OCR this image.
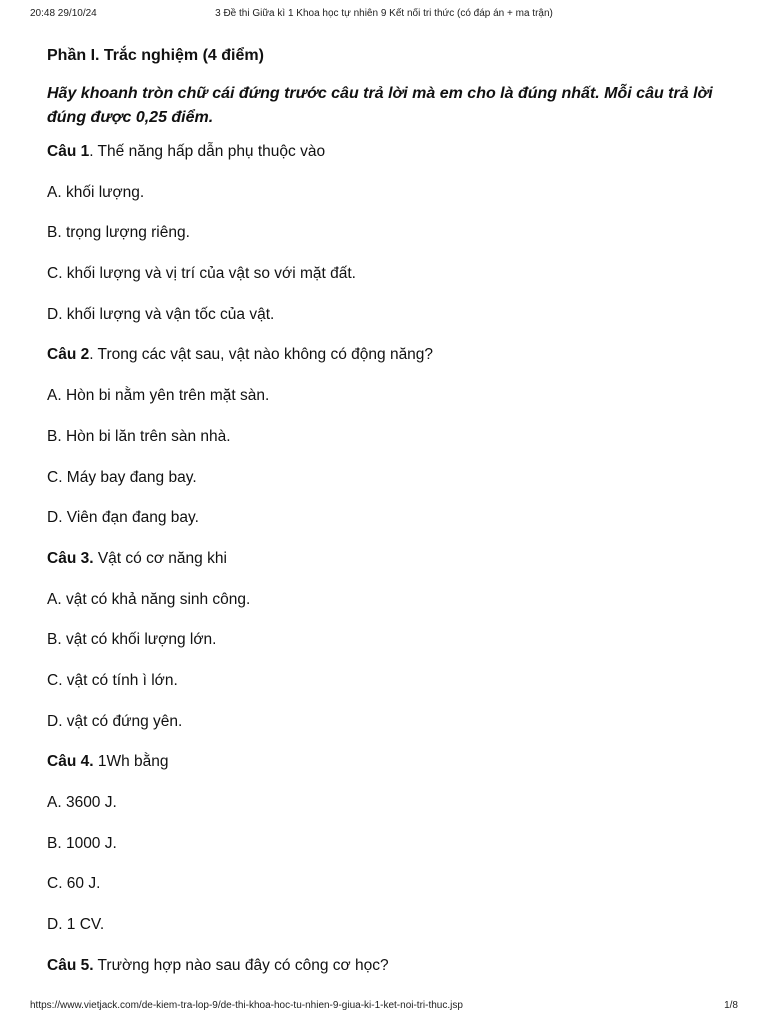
20:48 29/10/24	3 Đề thi Giữa kì 1 Khoa học tự nhiên 9 Kết nối tri thức (có đáp án + ma trận)
Phần I. Trắc nghiệm (4 điểm)
Hãy khoanh tròn chữ cái đứng trước câu trả lời mà em cho là đúng nhất. Mỗi câu trả lời đúng được 0,25 điểm.
Câu 1. Thế năng hấp dẫn phụ thuộc vào
A. khối lượng.
B. trọng lượng riêng.
C. khối lượng và vị trí của vật so với mặt đất.
D. khối lượng và vận tốc của vật.
Câu 2. Trong các vật sau, vật nào không có động năng?
A. Hòn bi nằm yên trên mặt sàn.
B. Hòn bi lăn trên sàn nhà.
C. Máy bay đang bay.
D. Viên đạn đang bay.
Câu 3. Vật có cơ năng khi
A. vật có khả năng sinh công.
B. vật có khối lượng lớn.
C. vật có tính ì lớn.
D. vật có đứng yên.
Câu 4. 1Wh bằng
A. 3600 J.
B. 1000 J.
C. 60 J.
D. 1 CV.
Câu 5. Trường hợp nào sau đây có công cơ học?
https://www.vietjack.com/de-kiem-tra-lop-9/de-thi-khoa-hoc-tu-nhien-9-giua-ki-1-ket-noi-tri-thuc.jsp	1/8
